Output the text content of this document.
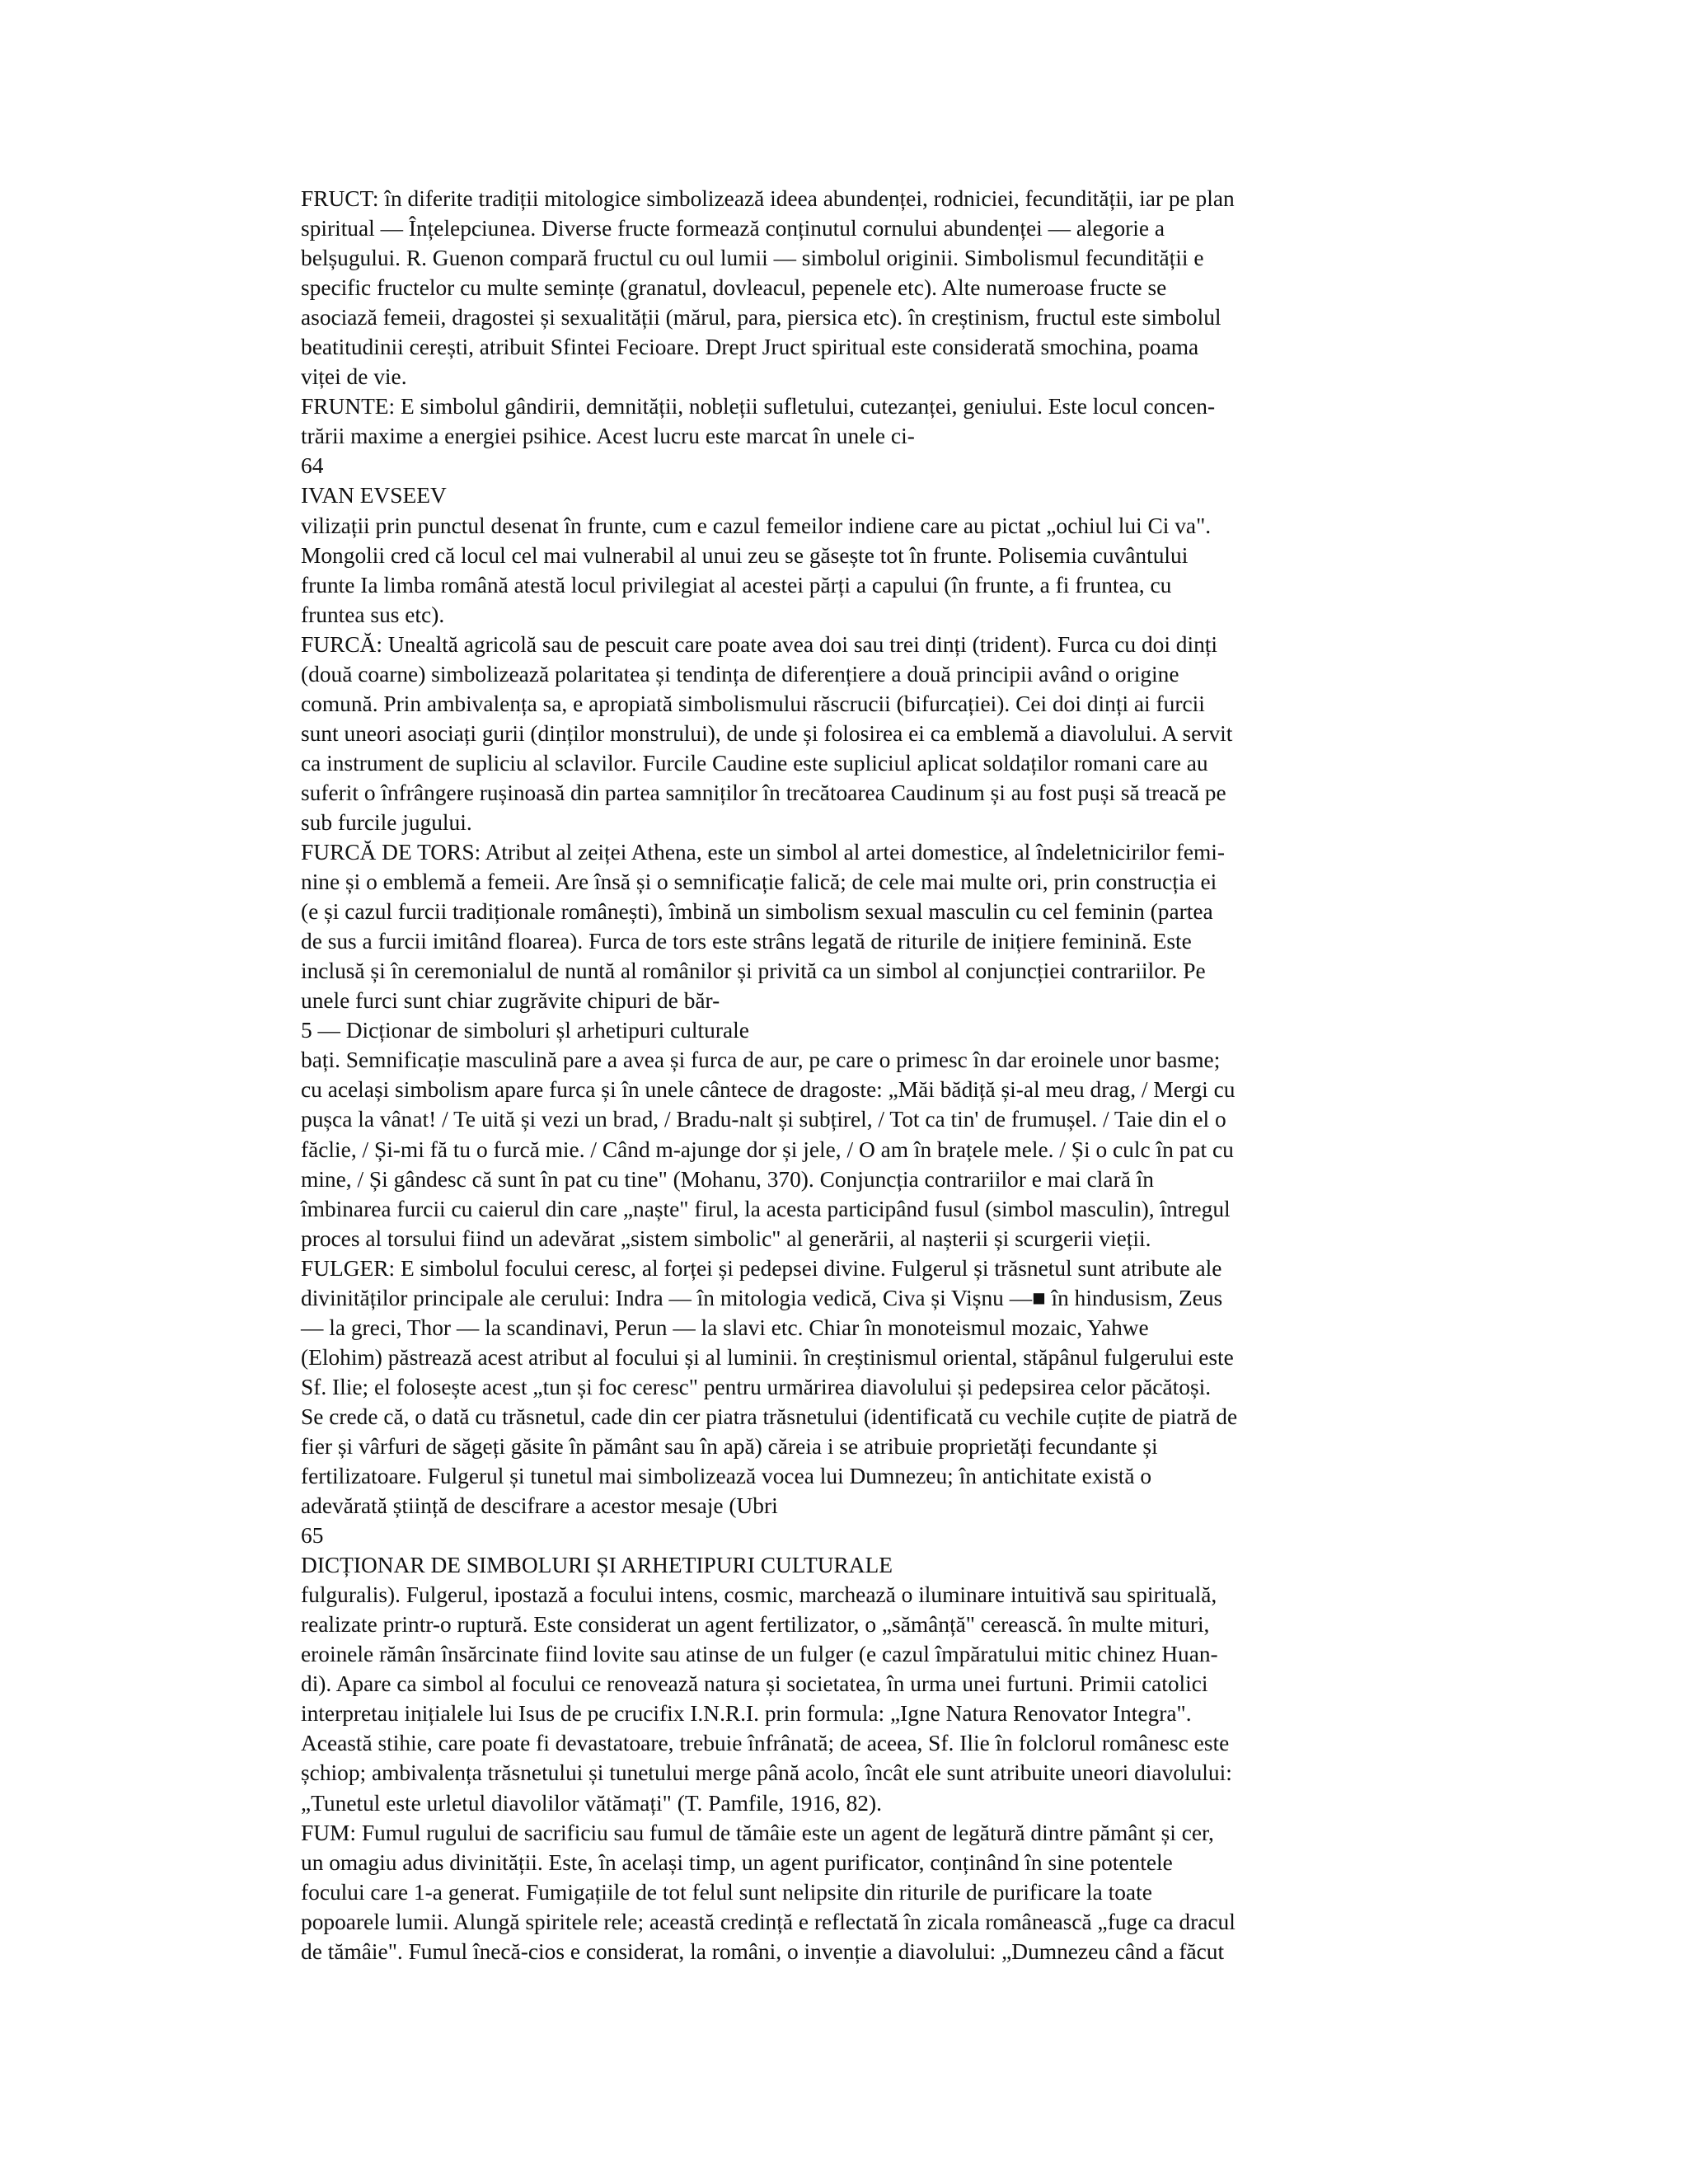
FRUCT: în diferite tradiții mitologice simbolizează ideea abundenței, rodniciei, fecundității, iar pe plan
spiritual — Înțelepciunea. Diverse fructe formează conținutul cornului abundenței — alegorie a
belșugului. R. Guenon compară fructul cu oul lumii — simbolul originii. Simbolismul fecundității e
specific fructelor cu multe semințe (granatul, dovleacul, pepenele etc). Alte numeroase fructe se
asociază femeii, dragostei și sexualității (mărul, para, piersica etc). în creștinism, fructul este simbolul
beatitudinii cerești, atribuit Sfintei Fecioare. Drept Jruct spiritual este considerată smochina, poama
viței de vie.
FRUNTE: E simbolul gândirii, demnității, nobleții sufletului, cutezanței, geniului. Este locul concen-
trării maxime a energiei psihice. Acest lucru este marcat în unele ci-
64
IVAN EVSEEV
vilizații prin punctul desenat în frunte, cum e cazul femeilor indiene care au pictat „ochiul lui Ci va".
Mongolii cred că locul cel mai vulnerabil al unui zeu se găsește tot în frunte. Polisemia cuvântului
frunte Ia limba română atestă locul privilegiat al acestei părți a capului (în frunte, a fi fruntea, cu
fruntea sus etc).
FURCĂ: Unealtă agricolă sau de pescuit care poate avea doi sau trei dinți (trident). Furca cu doi dinți
(două coarne) simbolizează polaritatea și tendința de diferențiere a două principii având o origine
comună. Prin ambivalența sa, e apropiată simbolismului răscrucii (bifurcației). Cei doi dinți ai furcii
sunt uneori asociați gurii (dinților monstrului), de unde și folosirea ei ca emblemă a diavolului. A servit
ca instrument de supliciu al sclavilor. Furcile Caudine este supliciul aplicat soldaților romani care au
suferit o înfrângere rușinoasă din partea samniților în trecătoarea Caudinum și au fost puși să treacă pe
sub furcile jugului.
FURCĂ DE TORS: Atribut al zeiței Athena, este un simbol al artei domestice, al îndeletnicirilor femi-
nine și o emblemă a femeii. Are însă și o semnificație falică; de cele mai multe ori, prin construcția ei
(e și cazul furcii tradiționale românești), îmbină un simbolism sexual masculin cu cel feminin (partea
de sus a furcii imitând floarea). Furca de tors este strâns legată de riturile de inițiere feminină. Este
inclusă și în ceremonialul de nuntă al românilor și privită ca un simbol al conjuncției contrariilor. Pe
unele furci sunt chiar zugrăvite chipuri de băr-
5 — Dicționar de simboluri șl arhetipuri culturale
bați. Semnificație masculină pare a avea și furca de aur, pe care o primesc în dar eroinele unor basme;
cu același simbolism apare furca și în unele cântece de dragoste: „Măi bădiță și-al meu drag, / Mergi cu
pușca la vânat! / Te uită și vezi un brad, / Bradu-nalt și subțirel, / Tot ca tin' de frumușel. / Taie din el o
făclie, / Și-mi fă tu o furcă mie. / Când m-ajunge dor și jele, / O am în brațele mele. / Și o culc în pat cu
mine, / Și gândesc că sunt în pat cu tine" (Mohanu, 370). Conjuncția contrariilor e mai clară în
îmbinarea furcii cu caierul din care „naște" firul, la acesta participând fusul (simbol masculin), întregul
proces al torsului fiind un adevărat „sistem simbolic" al generării, al nașterii și scurgerii vieții.
FULGER: E simbolul focului ceresc, al forței și pedepsei divine. Fulgerul și trăsnetul sunt atribute ale
divinităților principale ale cerului: Indra — în mitologia vedică, Civa și Vișnu —■ în hindusism, Zeus
— la greci, Thor — la scandinavi, Perun — la slavi etc. Chiar în monoteismul mozaic, Yahwe
(Elohim) păstrează acest atribut al focului și al luminii. în creștinismul oriental, stăpânul fulgerului este
Sf. Ilie; el folosește acest „tun și foc ceresc" pentru urmărirea diavolului și pedepsirea celor păcătoși.
Se crede că, o dată cu trăsnetul, cade din cer piatra trăsnetului (identificată cu vechile cuțite de piatră de
fier și vârfuri de săgeți găsite în pământ sau în apă) căreia i se atribuie proprietăți fecundante și
fertilizatoare. Fulgerul și tunetul mai simbolizează vocea lui Dumnezeu; în antichitate există o
adevărată știință de descifrare a acestor mesaje (Ubri
65
DICȚIONAR DE SIMBOLURI ȘI ARHETIPURI CULTURALE
fulguralis). Fulgerul, ipostază a focului intens, cosmic, marchează o iluminare intuitivă sau spirituală,
realizate printr-o ruptură. Este considerat un agent fertilizator, o „sămânță" cerească. în multe mituri,
eroinele rămân însărcinate fiind lovite sau atinse de un fulger (e cazul împăratului mitic chinez Huan-
di). Apare ca simbol al focului ce renovează natura și societatea, în urma unei furtuni. Primii catolici
interpretau inițialele lui Isus de pe crucifix I.N.R.I. prin formula: „Igne Natura Renovator Integra".
Această stihie, care poate fi devastatoare, trebuie înfrânată; de aceea, Sf. Ilie în folclorul românesc este
șchiop; ambivalența trăsnetului și tunetului merge până acolo, încât ele sunt atribuite uneori diavolului:
„Tunetul este urletul diavolilor vătămați" (T. Pamfile, 1916, 82).
FUM: Fumul rugului de sacrificiu sau fumul de tămâie este un agent de legătură dintre pământ și cer,
un omagiu adus divinității. Este, în același timp, un agent purificator, conținând în sine potentele
focului care 1-a generat. Fumigațiile de tot felul sunt nelipsite din riturile de purificare la toate
popoarele lumii. Alungă spiritele rele; această credință e reflectată în zicala românească „fuge ca dracul
de tămâie". Fumul înecă-cios e considerat, la români, o invenție a diavolului: „Dumnezeu când a făcut
